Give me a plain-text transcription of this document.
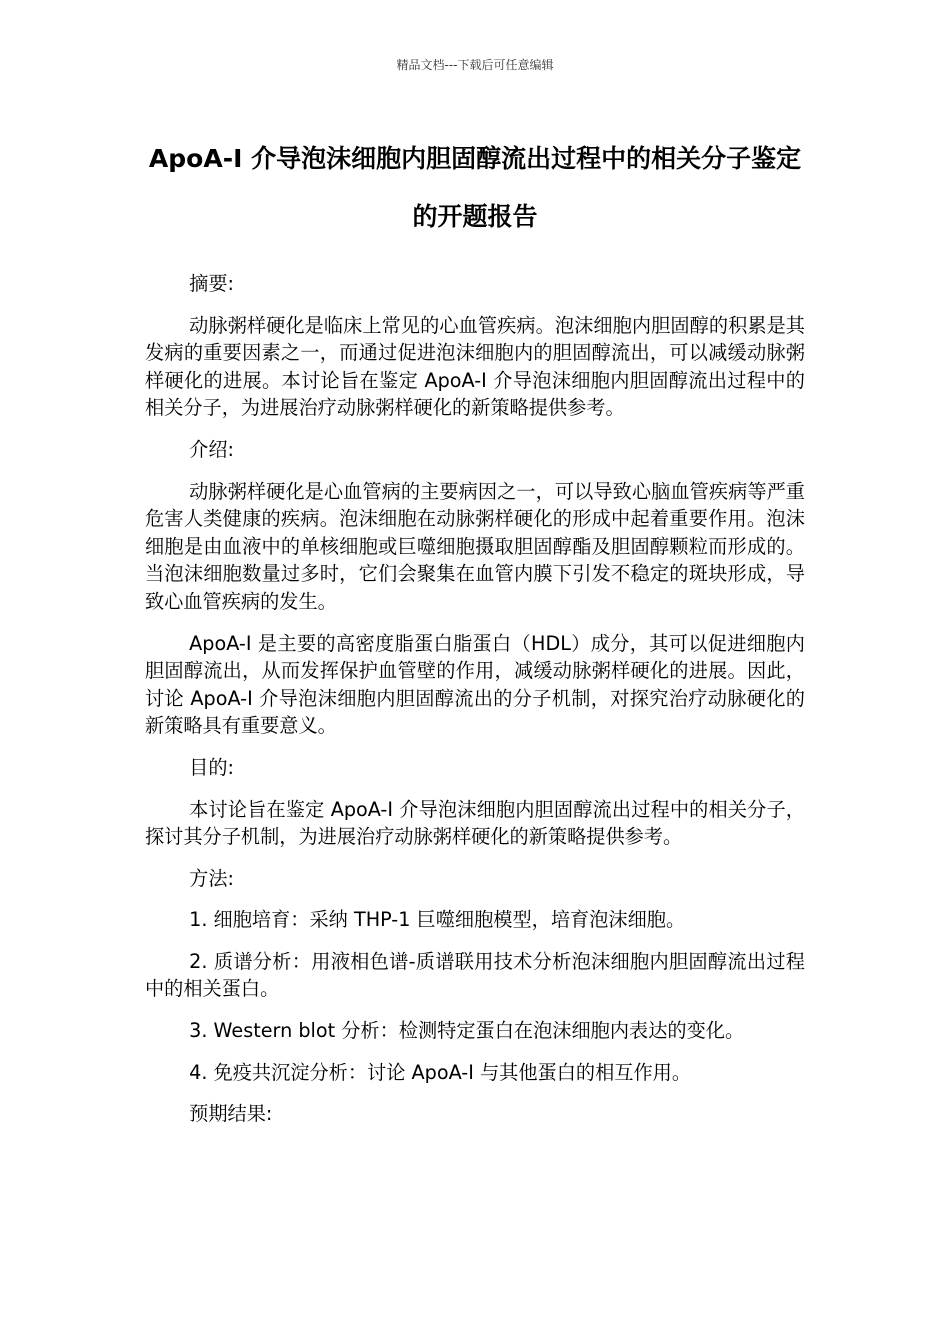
精品文档---下载后可任意编辑
ApoA-I 介导泡沫细胞内胆固醇流出过程中的相关分子鉴定的开题报告

摘要:

动脉粥样硬化是临床上常见的心血管疾病。泡沫细胞内胆固醇的积累是其发病的重要因素之一，而通过促进泡沫细胞内的胆固醇流出，可以减缓动脉粥样硬化的进展。本讨论旨在鉴定 ApoA-I 介导泡沫细胞内胆固醇流出过程中的相关分子，为进展治疗动脉粥样硬化的新策略提供参考。

介绍:

动脉粥样硬化是心血管病的主要病因之一，可以导致心脑血管疾病等严重危害人类健康的疾病。泡沫细胞在动脉粥样硬化的形成中起着重要作用。泡沫细胞是由血液中的单核细胞或巨噬细胞摄取胆固醇酯及胆固醇颗粒而形成的。当泡沫细胞数量过多时，它们会聚集在血管内膜下引发不稳定的斑块形成，导致心血管疾病的发生。

ApoA-I 是主要的高密度脂蛋白脂蛋白（HDL）成分，其可以促进细胞内胆固醇流出，从而发挥保护血管壁的作用，减缓动脉粥样硬化的进展。因此，讨论 ApoA-I 介导泡沫细胞内胆固醇流出的分子机制，对探究治疗动脉硬化的新策略具有重要意义。

目的:

本讨论旨在鉴定 ApoA-I 介导泡沫细胞内胆固醇流出过程中的相关分子，探讨其分子机制，为进展治疗动脉粥样硬化的新策略提供参考。

方法:

1. 细胞培育：采纳 THP-1 巨噬细胞模型，培育泡沫细胞。

2. 质谱分析：用液相色谱-质谱联用技术分析泡沫细胞内胆固醇流出过程中的相关蛋白。

3. Western blot 分析：检测特定蛋白在泡沫细胞内表达的变化。

4. 免疫共沉淀分析：讨论 ApoA-I 与其他蛋白的相互作用。

预期结果:
